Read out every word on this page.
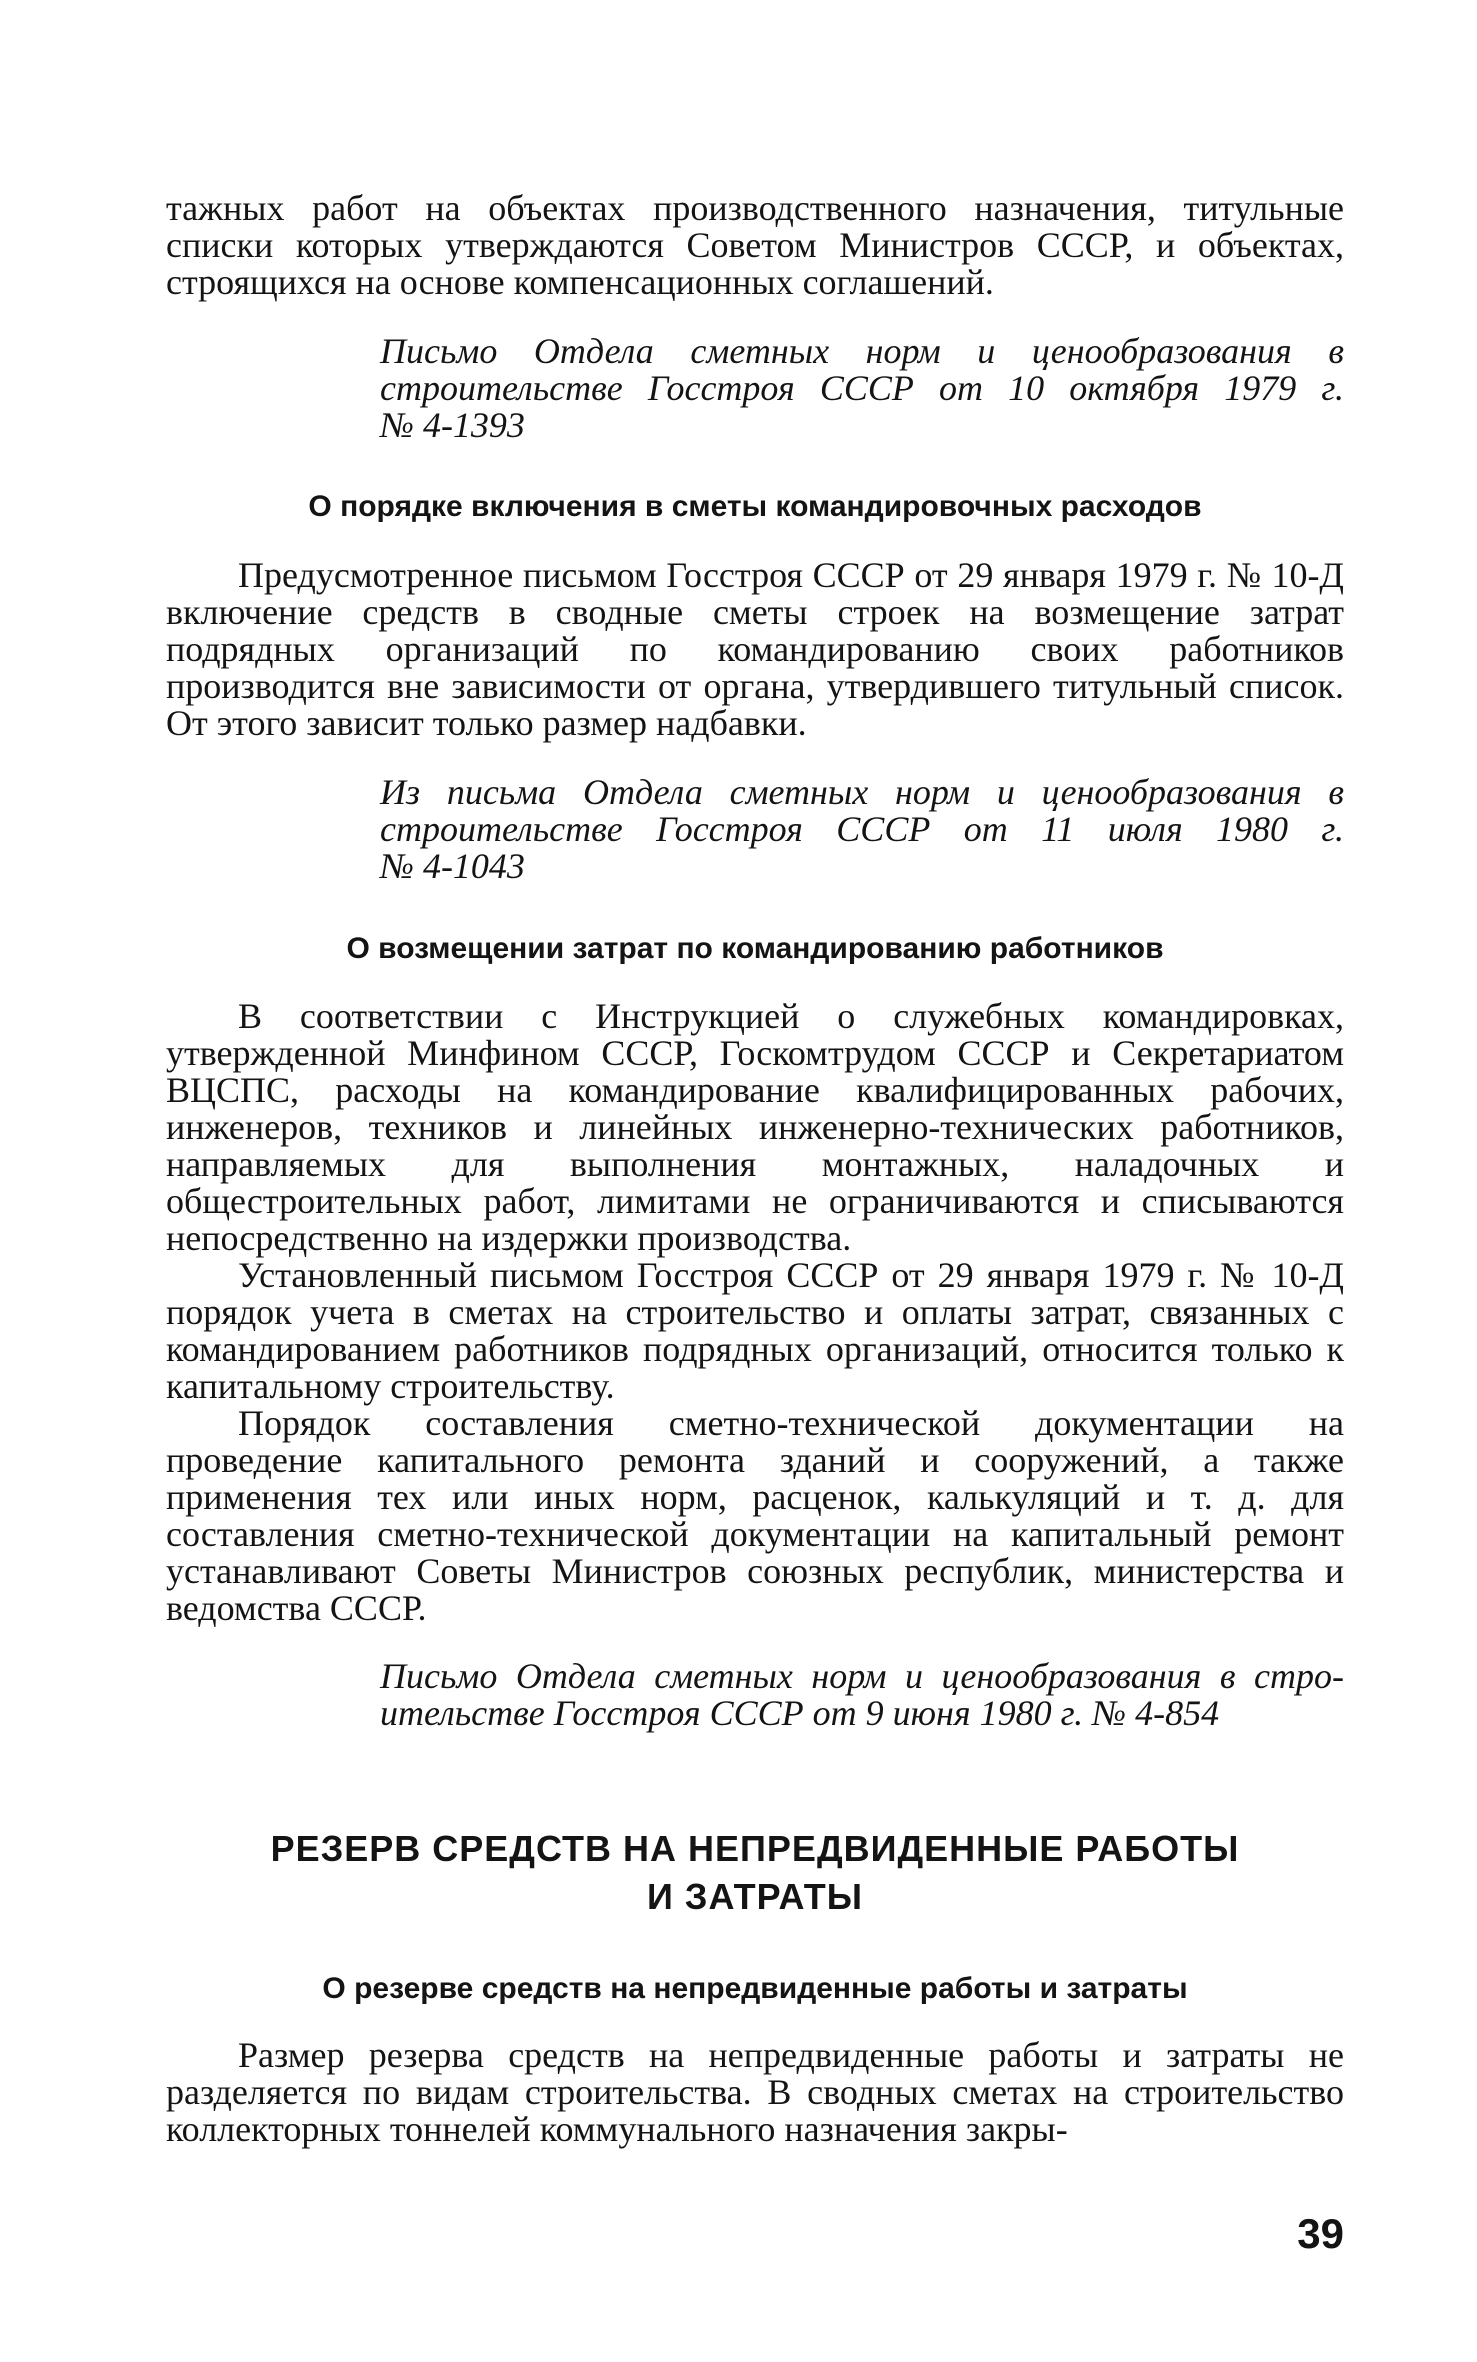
тажных работ на объектах производственного назначения, титульные списки которых утверждаются Советом Министров СССР, и объектах, строящихся на основе компенсационных соглашений.

Письмо Отдела сметных норм и ценообразования в
строительстве Госстроя СССР от 10 октября 1979 г.
№ 4-1393
О порядке включения в сметы командировочных расходов

Предусмотренное письмом Госстроя СССР от 29 января 1979 г. № 10-Д включение средств в сводные сметы строек на возмещение затрат подрядных организаций по командированию своих работников производится вне зависимости от органа, утвердившего титульный список. От этого зависит только размер надбавки.

Из письма Отдела сметных норм и ценообразования в
строительстве Госстроя СССР от 11 июля 1980 г.
№ 4-1043
О возмещении затрат по командированию работников

В соответствии с Инструкцией о служебных командировках, утвержденной Минфином СССР, Госкомтрудом СССР и Секретариатом ВЦСПС, расходы на командирование квалифицированных рабочих, инженеров, техников и линейных инженерно-технических работников, направляемых для выполнения монтажных, наладочных и общестроительных работ, лимитами не ограничиваются и списываются непосредственно на издержки производства.

Установленный письмом Госстроя СССР от 29 января 1979 г. № 10-Д порядок учета в сметах на строительство и оплаты затрат, связанных с командированием работников подрядных организаций, относится только к капитальному строительству.

Порядок составления сметно-технической документации на проведение капитального ремонта зданий и сооружений, а также применения тех или иных норм, расценок, калькуляций и т. д. для составления сметно-технической документации на капитальный ремонт устанавливают Советы Министров союзных республик, министерства и ведомства СССР.

Письмо Отдела сметных норм и ценообразования в стро-
ительстве Госстроя СССР от 9 июня 1980 г. № 4-854
РЕЗЕРВ СРЕДСТВ НА НЕПРЕДВИДЕННЫЕ РАБОТЫ
И ЗАТРАТЫ
О резерве средств на непредвиденные работы и затраты

Размер резерва средств на непредвиденные работы и затраты не разделяется по видам строительства. В сводных сметах на строительство коллекторных тоннелей коммунального назначения закры-

39
